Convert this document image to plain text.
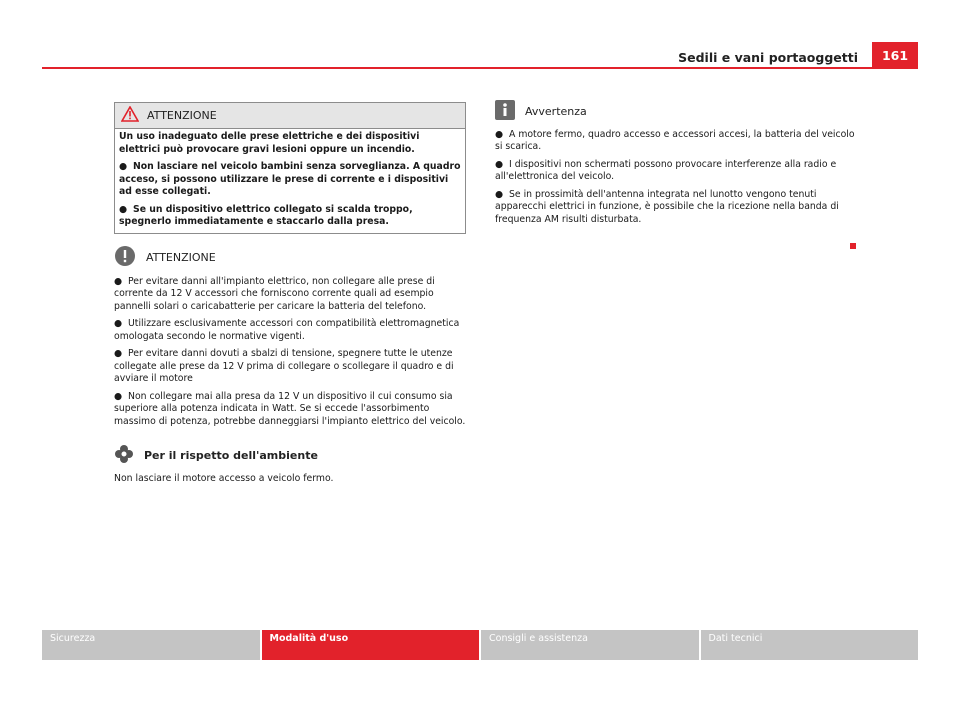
Sedili e vani portaoggetti	161
ATTENZIONE

Un uso inadeguato delle prese elettriche e dei dispositivi elettrici può provocare gravi lesioni oppure un incendio.

● Non lasciare nel veicolo bambini senza sorveglianza. A quadro acceso, si possono utilizzare le prese di corrente e i dispositivi ad esse collegati.

● Se un dispositivo elettrico collegato si scalda troppo, spegnerlo immediatamente e staccarlo dalla presa.

ATTENZIONE

● Per evitare danni all'impianto elettrico, non collegare alle prese di corrente da 12 V accessori che forniscono corrente quali ad esempio pannelli solari o caricabatterie per caricare la batteria del telefono.

● Utilizzare esclusivamente accessori con compatibilità elettromagnetica omologata secondo le normative vigenti.

● Per evitare danni dovuti a sbalzi di tensione, spegnere tutte le utenze collegate alle prese da 12 V prima di collegare o scollegare il quadro e di avviare il motore

● Non collegare mai alla presa da 12 V un dispositivo il cui consumo sia superiore alla potenza indicata in Watt. Se si eccede l'assorbimento massimo di potenza, potrebbe danneggiarsi l'impianto elettrico del veicolo.

Per il rispetto dell'ambiente

Non lasciare il motore accesso a veicolo fermo.

Avvertenza

● A motore fermo, quadro accesso e accessori accesi, la batteria del veicolo si scarica.

● I dispositivi non schermati possono provocare interferenze alla radio e all'elettronica del veicolo.

● Se in prossimità dell'antenna integrata nel lunotto vengono tenuti apparecchi elettrici in funzione, è possibile che la ricezione nella banda di frequenza AM risulti disturbata.

Sicurezza	Modalità d'uso	Consigli e assistenza	Dati tecnici
